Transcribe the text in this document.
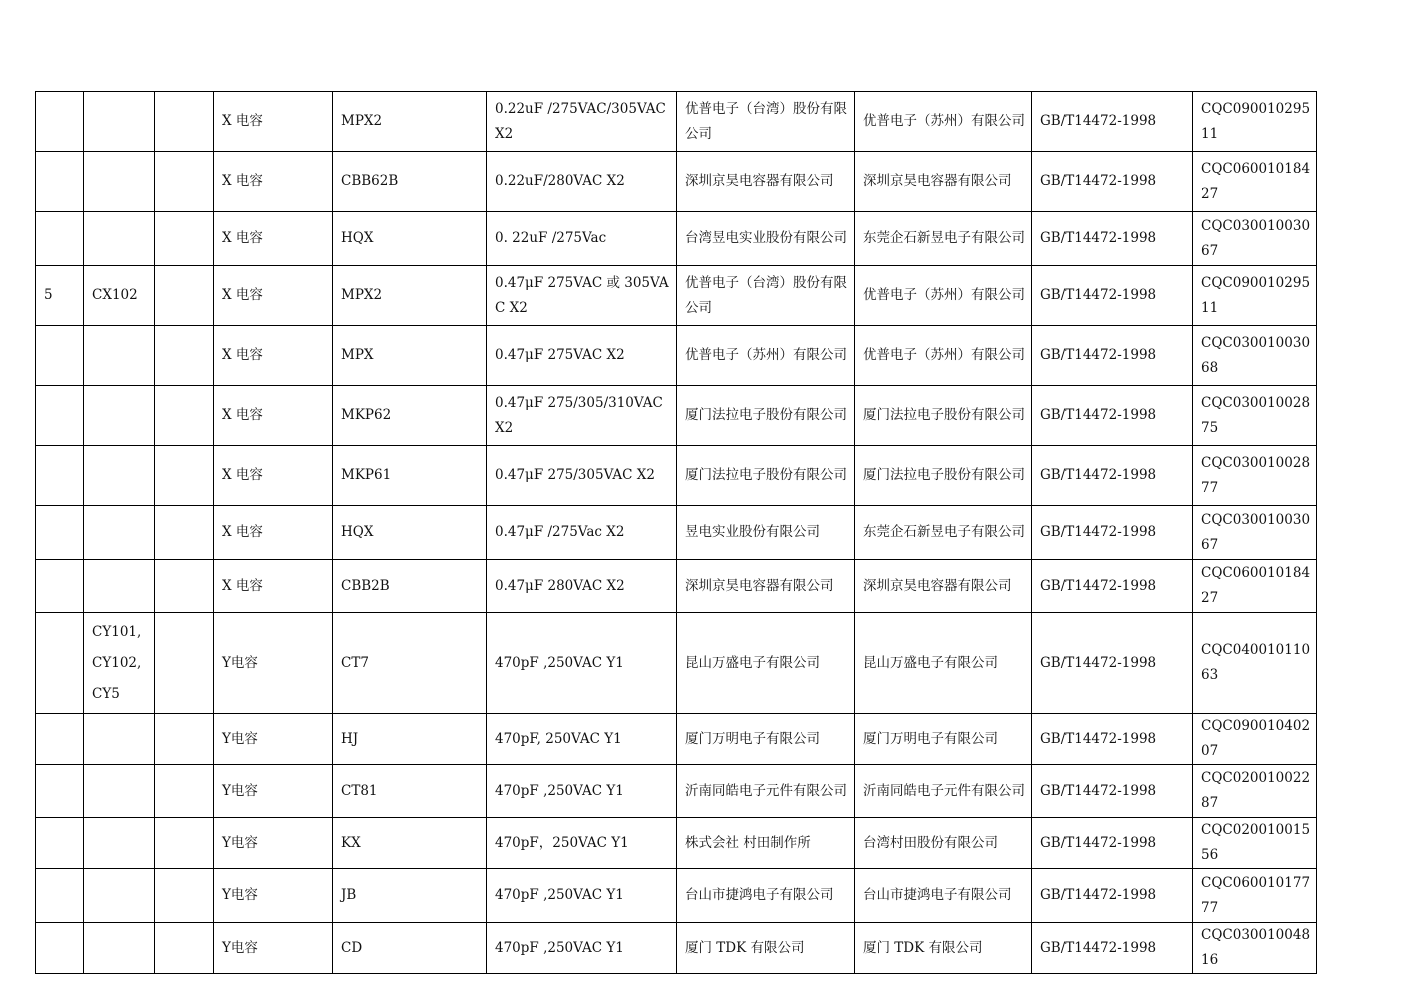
			X 电容	MPX2	0.22uF /275VAC/305VAC X2	优普电子（台湾）股份有限公司	优普电子（苏州）有限公司	GB/T14472-1998	CQC09001029511
			X 电容	CBB62B	0.22uF/280VAC X2	深圳京昊电容器有限公司	深圳京昊电容器有限公司	GB/T14472-1998	CQC06001018427
			X 电容	HQX	0. 22uF /275Vac	台湾昱电实业股份有限公司	东莞企石新昱电子有限公司	GB/T14472-1998	CQC03001003067
5	CX102		X 电容	MPX2	0.47μF 275VAC 或 305VAC X2	优普电子（台湾）股份有限公司	优普电子（苏州）有限公司	GB/T14472-1998	CQC09001029511
			X 电容	MPX	0.47μF 275VAC X2	优普电子（苏州）有限公司	优普电子（苏州）有限公司	GB/T14472-1998	CQC03001003068
			X 电容	MKP62	0.47μF 275/305/310VAC X2	厦门法拉电子股份有限公司	厦门法拉电子股份有限公司	GB/T14472-1998	CQC03001002875
			X 电容	MKP61	0.47μF 275/305VAC X2	厦门法拉电子股份有限公司	厦门法拉电子股份有限公司	GB/T14472-1998	CQC03001002877
			X 电容	HQX	0.47μF /275Vac X2	昱电实业股份有限公司	东莞企石新昱电子有限公司	GB/T14472-1998	CQC03001003067
			X 电容	CBB2B	0.47μF 280VAC X2	深圳京昊电容器有限公司	深圳京昊电容器有限公司	GB/T14472-1998	CQC06001018427
	CY101, CY102, CY5		Y电容	CT7	470pF ,250VAC Y1	昆山万盛电子有限公司	昆山万盛电子有限公司	GB/T14472-1998	CQC04001011063
			Y电容	HJ	470pF, 250VAC Y1	厦门万明电子有限公司	厦门万明电子有限公司	GB/T14472-1998	CQC09001040207
			Y电容	CT81	470pF ,250VAC Y1	沂南同皓电子元件有限公司	沂南同皓电子元件有限公司	GB/T14472-1998	CQC02001002287
			Y电容	KX	470pF，250VAC Y1	株式会社 村田制作所	台湾村田股份有限公司	GB/T14472-1998	CQC02001001556
			Y电容	JB	470pF ,250VAC Y1	台山市捷鸿电子有限公司	台山市捷鸿电子有限公司	GB/T14472-1998	CQC06001017777
			Y电容	CD	470pF ,250VAC Y1	厦门 TDK 有限公司	厦门 TDK 有限公司	GB/T14472-1998	CQC03001004816
